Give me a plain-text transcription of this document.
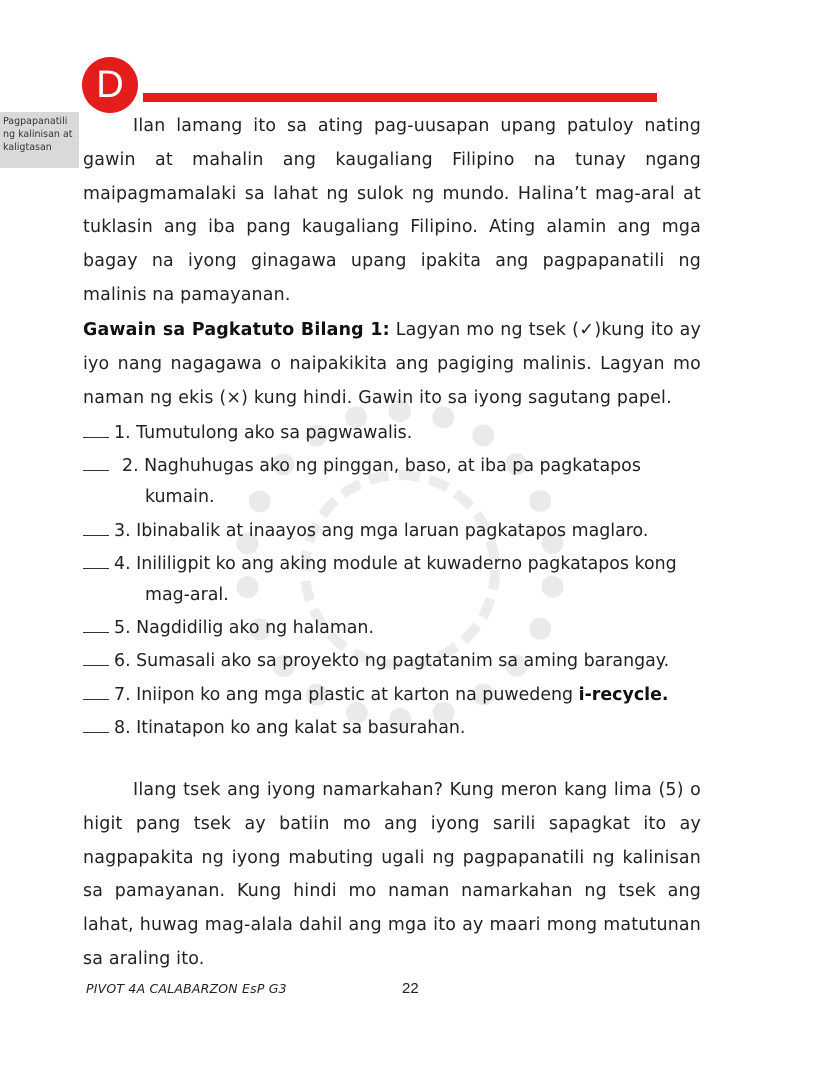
D
Pagpapanatili ng kalinisan at kaligtasan

Ilan lamang ito sa ating pag-uusapan upang patuloy nating gawin at mahalin ang kaugaliang Filipino na tunay ngang maipagmamalaki sa lahat ng sulok ng mundo. Halina’t mag-aral at tuklasin ang iba pang kaugaliang Filipino. Ating alamin ang mga bagay na iyong ginagawa upang ipakita ang pagpapanatili ng malinis na pamayanan.

Gawain sa Pagkatuto Bilang 1: Lagyan mo ng tsek (✓)kung ito ay iyo nang nagagawa o naipakikita ang pagiging malinis. Lagyan mo naman ng ekis (×) kung hindi. Gawin ito sa iyong sagutang papel.

1. Tumutulong ako sa pagwawalis.
2. Naghuhugas ako ng pinggan, baso, at iba pa pagkatapos
kumain.
3. Ibinabalik at inaayos ang mga laruan pagkatapos maglaro.
4. Inililigpit ko ang aking module at kuwaderno pagkatapos kong
mag-aral.
5. Nagdidilig ako ng halaman.
6. Sumasali ako sa proyekto ng pagtatanim sa aming barangay.
7. Iniipon ko ang mga plastic at karton na puwedeng i-recycle.
8. Itinatapon ko ang kalat sa basurahan.

Ilang tsek ang iyong namarkahan? Kung meron kang lima (5) o higit pang tsek ay batiin mo ang iyong sarili sapagkat ito ay nagpapakita ng iyong mabuting ugali ng pagpapanatili ng kalinisan sa pamayanan. Kung hindi mo naman namarkahan ng tsek ang lahat, huwag mag-alala dahil ang mga ito ay maari mong matutunan sa araling ito.

PIVOT 4A CALABARZON EsP G3	22
